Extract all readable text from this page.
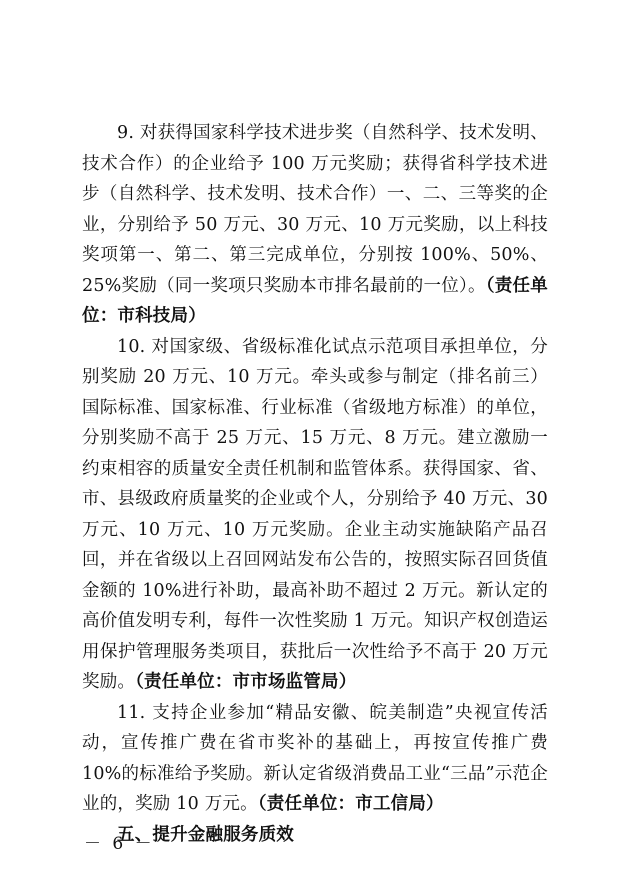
9. 对获得国家科学技术进步奖（自然科学、技术发明、技术合作）的企业给予 100 万元奖励；获得省科学技术进步（自然科学、技术发明、技术合作）一、二、三等奖的企业，分别给予 50 万元、30 万元、10 万元奖励，以上科技奖项第一、第二、第三完成单位，分别按 100%、50%、25%奖励（同一奖项只奖励本市排名最前的一位）。（责任单位：市科技局）

10. 对国家级、省级标准化试点示范项目承担单位，分别奖励 20 万元、10 万元。牵头或参与制定（排名前三）国际标准、国家标准、行业标准（省级地方标准）的单位，分别奖励不高于 25 万元、15 万元、8 万元。建立激励一约束相容的质量安全责任机制和监管体系。获得国家、省、市、县级政府质量奖的企业或个人，分别给予 40 万元、30 万元、10 万元、10 万元奖励。企业主动实施缺陷产品召回，并在省级以上召回网站发布公告的，按照实际召回货值金额的 10%进行补助，最高补助不超过 2 万元。新认定的高价值发明专利，每件一次性奖励 1 万元。知识产权创造运用保护管理服务类项目，获批后一次性给予不高于 20 万元奖励。（责任单位：市市场监管局）

11. 支持企业参加“精品安徽、皖美制造”央视宣传活动，宣传推广费在省市奖补的基础上，再按宣传推广费 10%的标准给予奖励。新认定省级消费品工业“三品”示范企业的，奖励 10 万元。（责任单位：市工信局）

五、提升金融服务质效

－ 6 －
